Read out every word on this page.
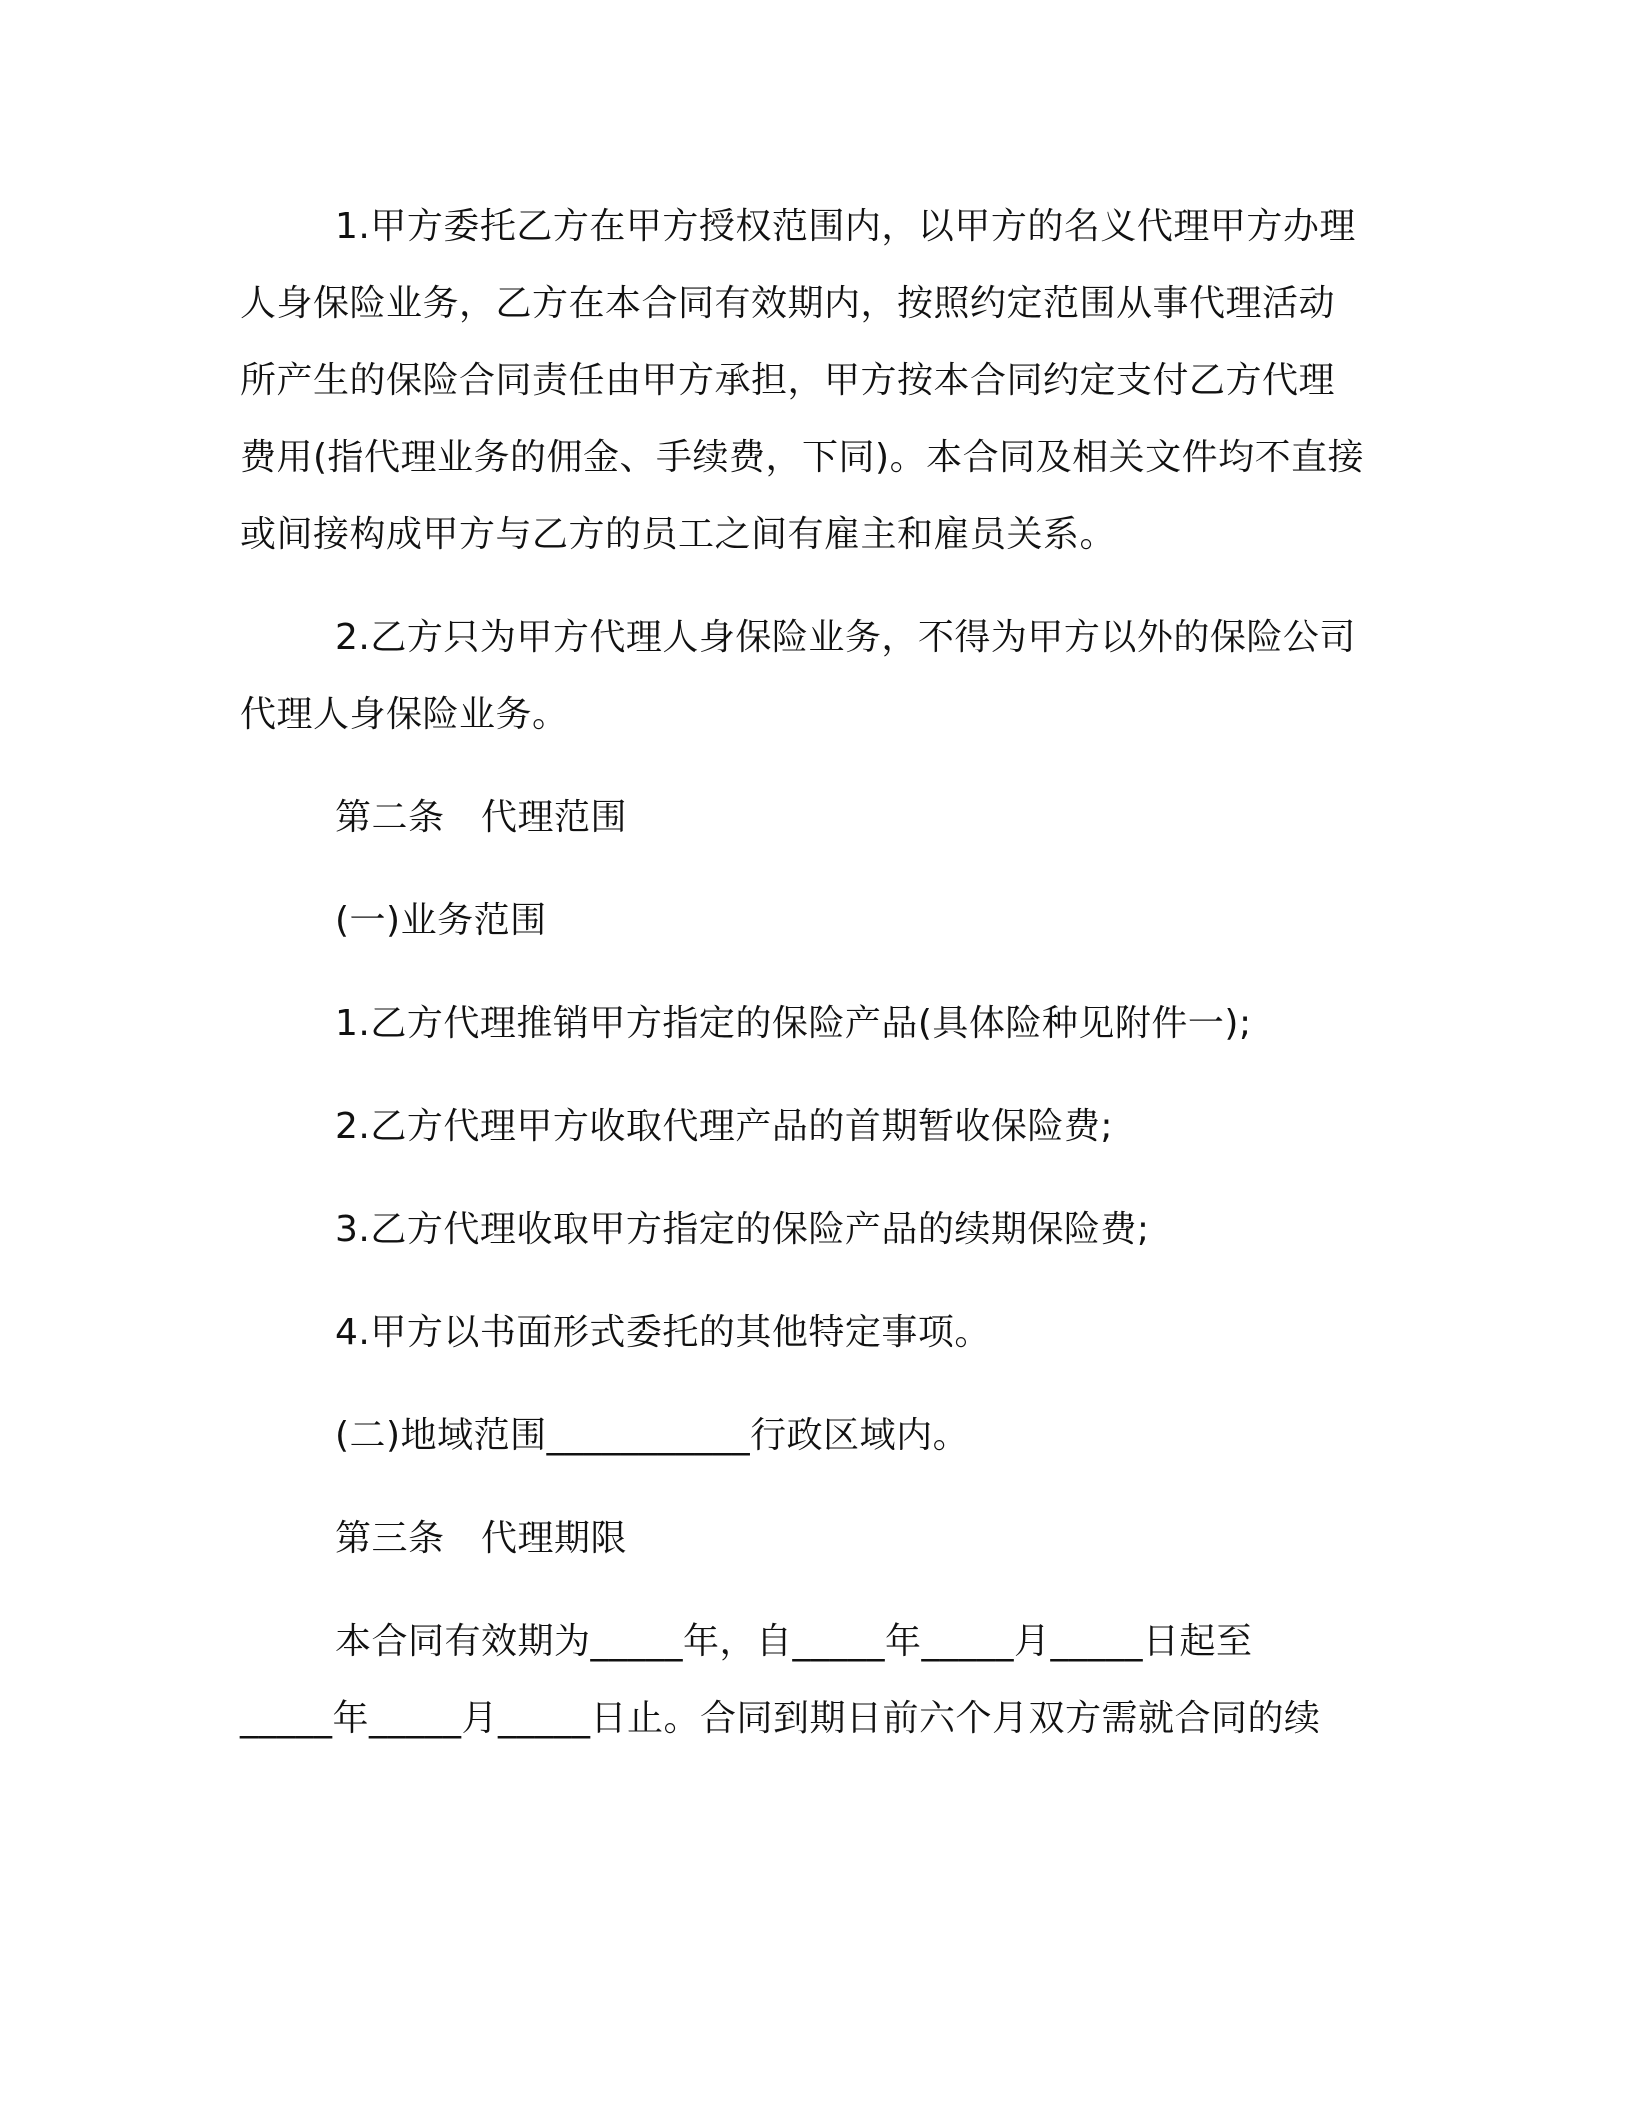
1.甲方委托乙方在甲方授权范围内，以甲方的名义代理甲方办理
人身保险业务，乙方在本合同有效期内，按照约定范围从事代理活动
所产生的保险合同责任由甲方承担，甲方按本合同约定支付乙方代理
费用(指代理业务的佣金、手续费，下同)。本合同及相关文件均不直接
或间接构成甲方与乙方的员工之间有雇主和雇员关系。
2.乙方只为甲方代理人身保险业务，不得为甲方以外的保险公司
代理人身保险业务。
第二条　代理范围
(一)业务范围
1.乙方代理推销甲方指定的保险产品(具体险种见附件一);
2.乙方代理甲方收取代理产品的首期暂收保险费;
3.乙方代理收取甲方指定的保险产品的续期保险费;
4.甲方以书面形式委托的其他特定事项。
(二)地域范围___________行政区域内。
第三条　代理期限
本合同有效期为_____年，自_____年_____月_____日起至
_____年_____月_____日止。合同到期日前六个月双方需就合同的续
